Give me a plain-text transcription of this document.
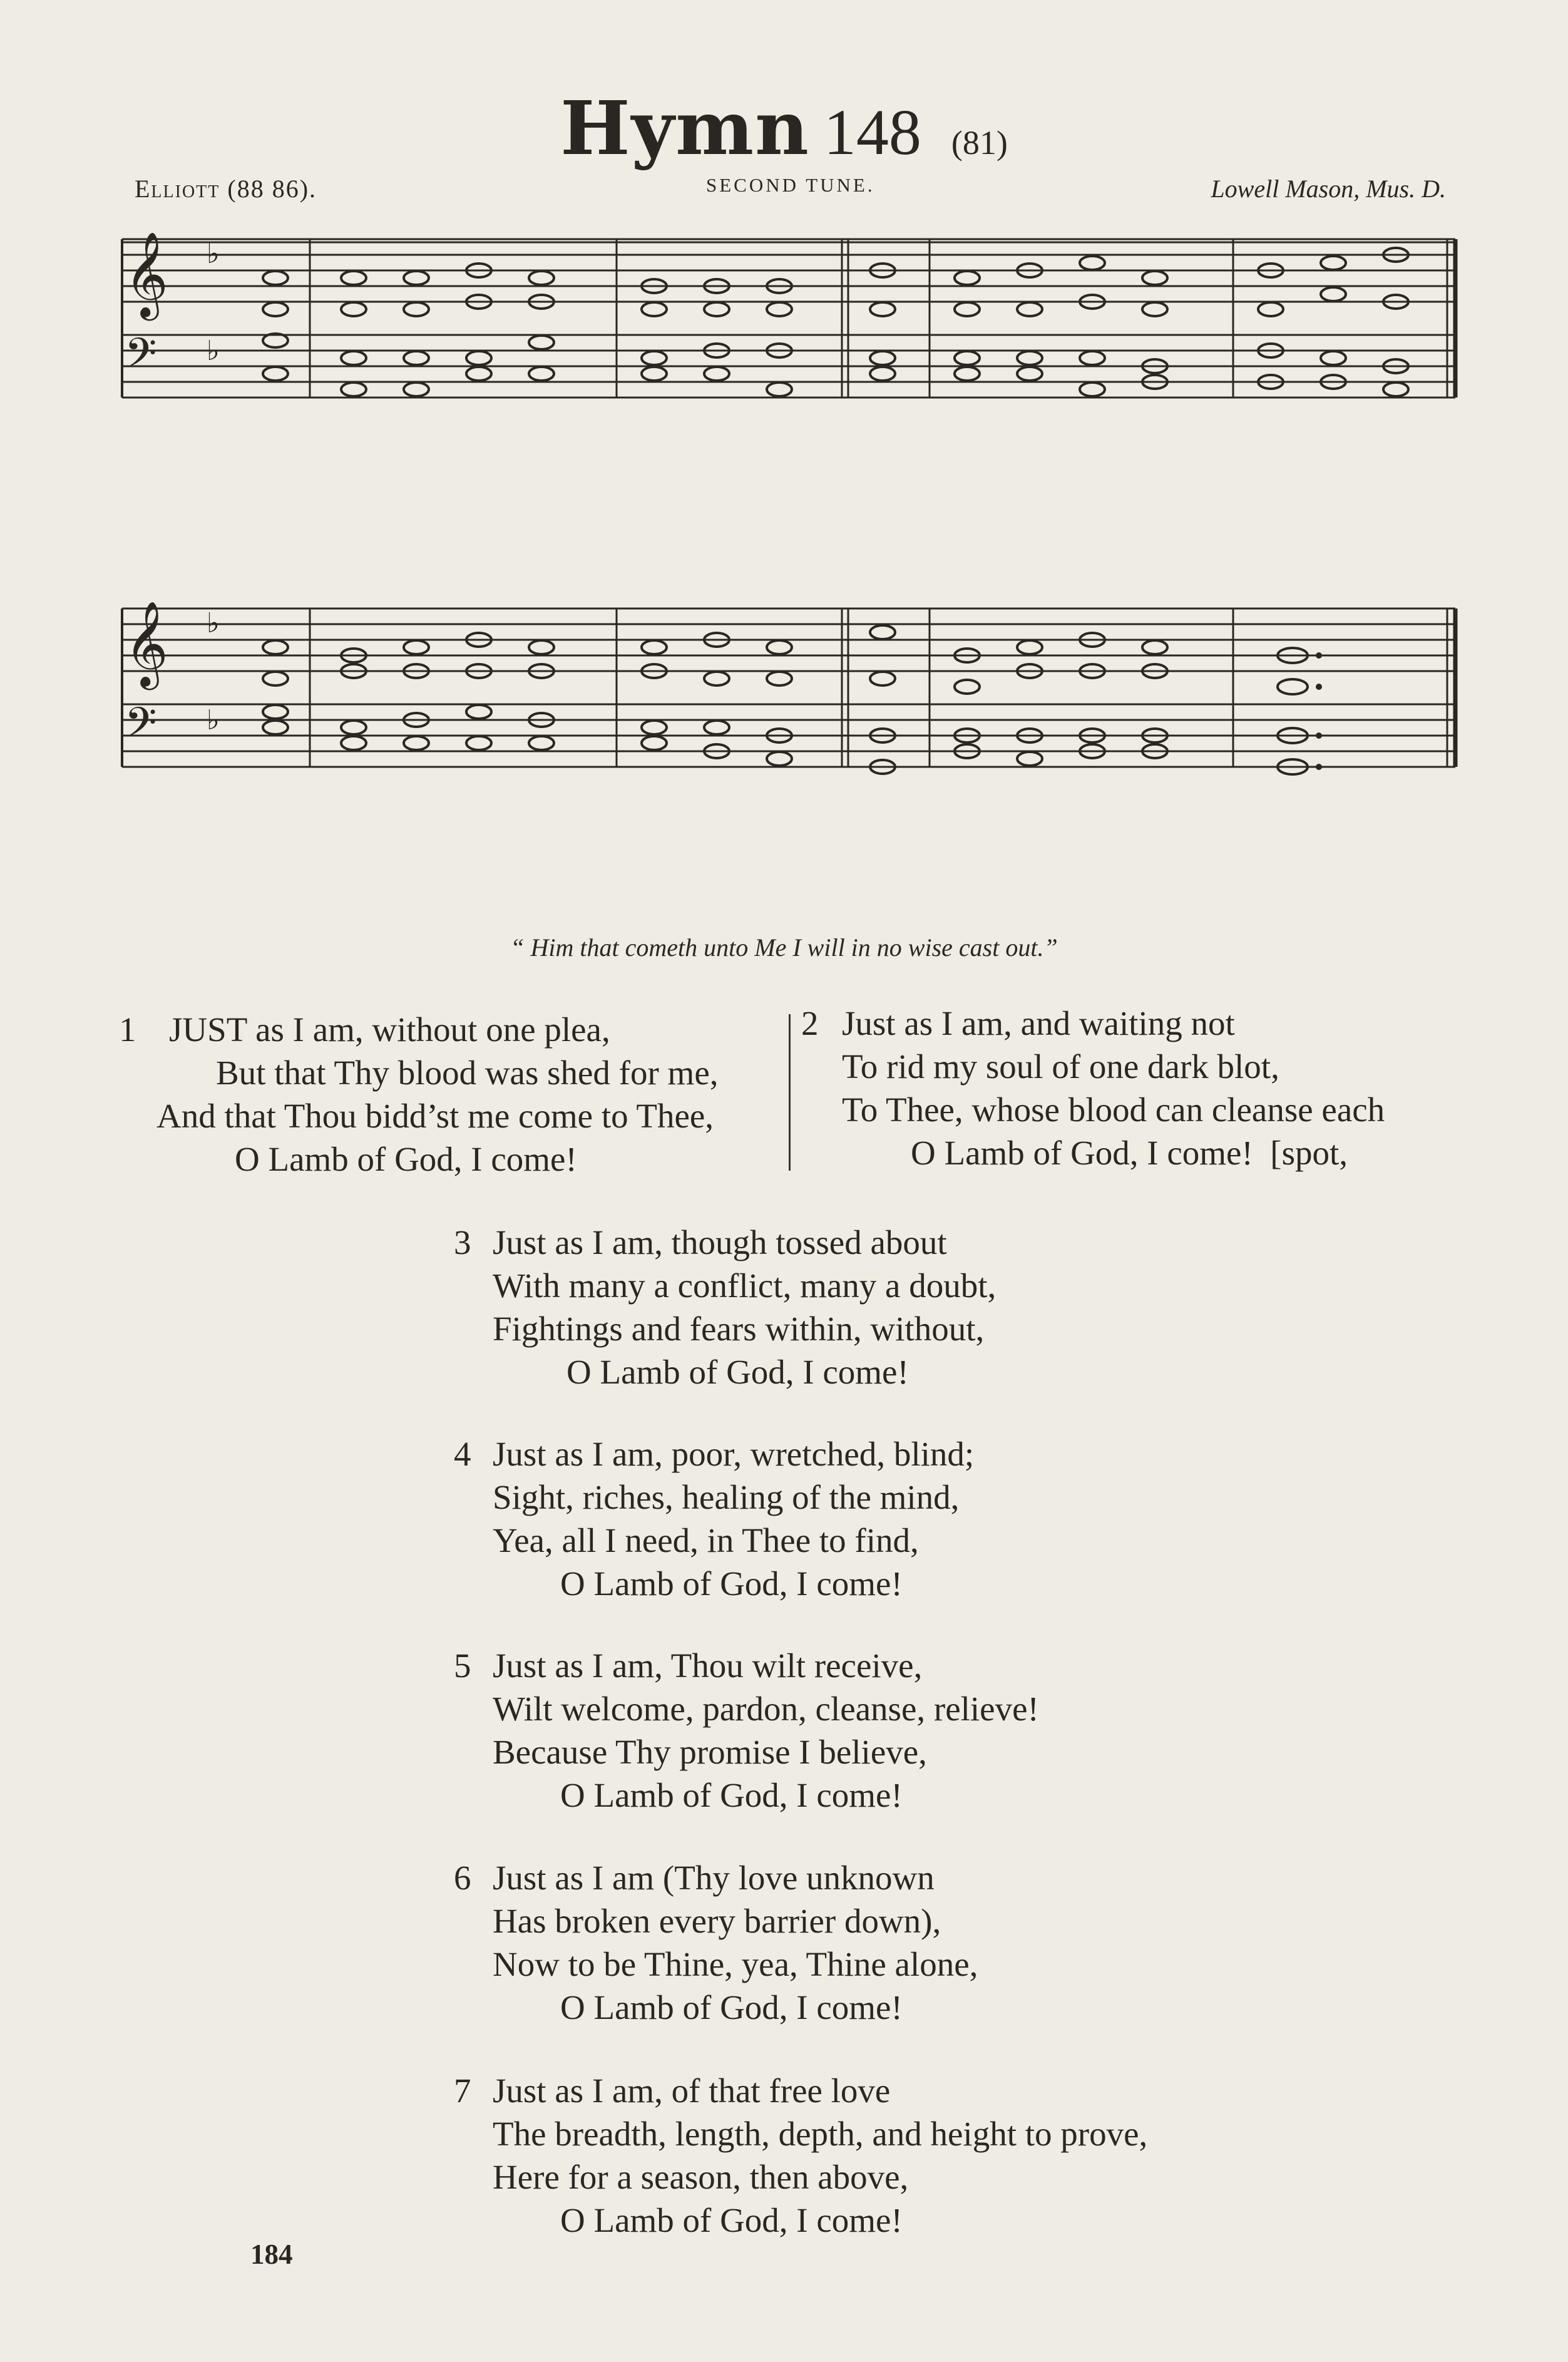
Hymn 148 (81)
Elliott (88 86).	SECOND TUNE.	Lowell Mason, Mus. D.
𝄞
𝄢
♭
♭
𝄞
𝄢
♭
♭
“ Him that cometh unto Me I will in no wise cast out.”

1

JUST as I am, without one plea,

But that Thy blood was shed for me,

And that Thou bidd’st me come to Thee,

O Lamb of God, I come!

2

Just as I am, and waiting not

To rid my soul of one dark blot,

To Thee, whose blood can cleanse each

O Lamb of God, I come!  [spot,

3

Just as I am, though tossed about

With many a conflict, many a doubt,

Fightings and fears within, without,

O Lamb of God, I come!

4

Just as I am, poor, wretched, blind;

Sight, riches, healing of the mind,

Yea, all I need, in Thee to find,

O Lamb of God, I come!

5

Just as I am, Thou wilt receive,

Wilt welcome, pardon, cleanse, relieve!

Because Thy promise I believe,

O Lamb of God, I come!

6

Just as I am (Thy love unknown

Has broken every barrier down),

Now to be Thine, yea, Thine alone,

O Lamb of God, I come!

7

Just as I am, of that free love

The breadth, length, depth, and height to prove,

Here for a season, then above,

O Lamb of God, I come!

184
